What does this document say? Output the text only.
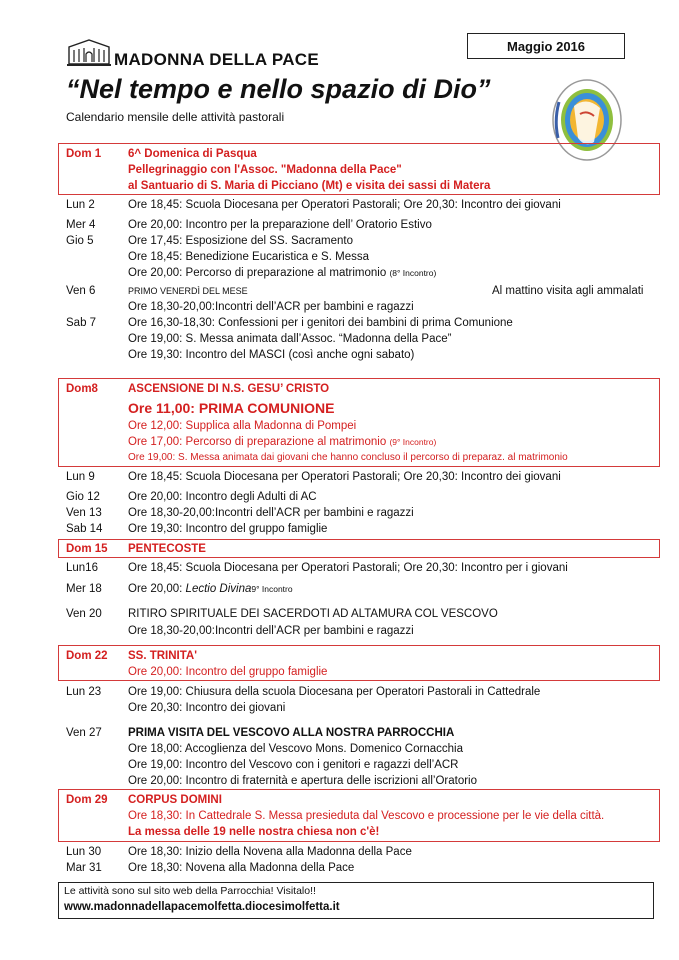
Maggio 2016
MADONNA DELLA PACE
“Nel tempo e nello spazio di Dio”
Calendario mensile delle attività pastorali
Dom 1	6^ Domenica di Pasqua
Pellegrinaggio con l'Assoc. "Madonna della Pace"
al Santuario di S. Maria di Picciano (Mt) e visita dei sassi di Matera
Lun 2	Ore 18,45: Scuola Diocesana per Operatori Pastorali; Ore 20,30: Incontro dei giovani
Mer 4	Ore 20,00: Incontro per la preparazione dell’ Oratorio Estivo
Gio 5	Ore 17,45: Esposizione del SS. Sacramento
Ore 18,45: Benedizione Eucaristica e S. Messa
Ore 20,00: Percorso di preparazione al matrimonio (8° Incontro)
Ven 6	PRIMO VENERDÌ DEL MESE	Al mattino visita agli ammalati
Ore 18,30-20,00:Incontri dell’ACR per bambini e ragazzi
Sab 7	Ore 16,30-18,30: Confessioni per i genitori dei bambini di prima Comunione
Ore 19,00: S. Messa animata dall’Assoc. “Madonna della Pace”
Ore 19,30: Incontro del MASCI (così anche ogni sabato)
Dom8	ASCENSIONE DI N.S. GESU’ CRISTO
Ore 11,00: PRIMA COMUNIONE
Ore 12,00: Supplica alla Madonna di Pompei
Ore 17,00: Percorso di preparazione al matrimonio (9° Incontro)
Ore 19,00: S. Messa animata dai giovani che hanno concluso il percorso di preparaz. al matrimonio
Lun 9	Ore 18,45: Scuola Diocesana per Operatori Pastorali; Ore 20,30: Incontro dei giovani
Gio 12	Ore 20,00: Incontro degli Adulti di AC
Ven 13	Ore 18,30-20,00:Incontri dell’ACR per bambini e ragazzi
Sab 14	Ore 19,30: Incontro del gruppo famiglie
Dom 15	PENTECOSTE
Lun16	Ore 18,45: Scuola Diocesana per Operatori Pastorali; Ore 20,30: Incontro per i giovani
Mer 18	Ore 20,00: Lectio Divina9° Incontro
Ven 20	RITIRO SPIRITUALE DEI SACERDOTI AD ALTAMURA COL VESCOVO
Ore 18,30-20,00:Incontri dell’ACR per bambini e ragazzi
Dom 22	SS. TRINITA'
Ore 20,00: Incontro del gruppo famiglie
Lun 23	Ore 19,00: Chiusura della scuola Diocesana per Operatori Pastorali in Cattedrale
Ore 20,30: Incontro dei giovani
Ven 27	PRIMA VISITA DEL VESCOVO ALLA NOSTRA PARROCCHIA
Ore 18,00: Accoglienza del Vescovo Mons. Domenico Cornacchia
Ore 19,00: Incontro del Vescovo con i genitori e ragazzi dell’ACR
Ore 20,00: Incontro di fraternità e apertura delle iscrizioni all’Oratorio
Dom 29	CORPUS DOMINI
Ore 18,30: In Cattedrale S. Messa presieduta dal Vescovo e processione per le vie della città.
La messa delle 19 nelle nostra chiesa non c'è!
Lun 30	Ore 18,30: Inizio della Novena alla Madonna della Pace
Mar 31	Ore 18,30: Novena alla Madonna della Pace
Le attività sono sul sito web della Parrocchia! Visitalo!!
www.madonnadellapacemolfetta.diocesimolfetta.it
